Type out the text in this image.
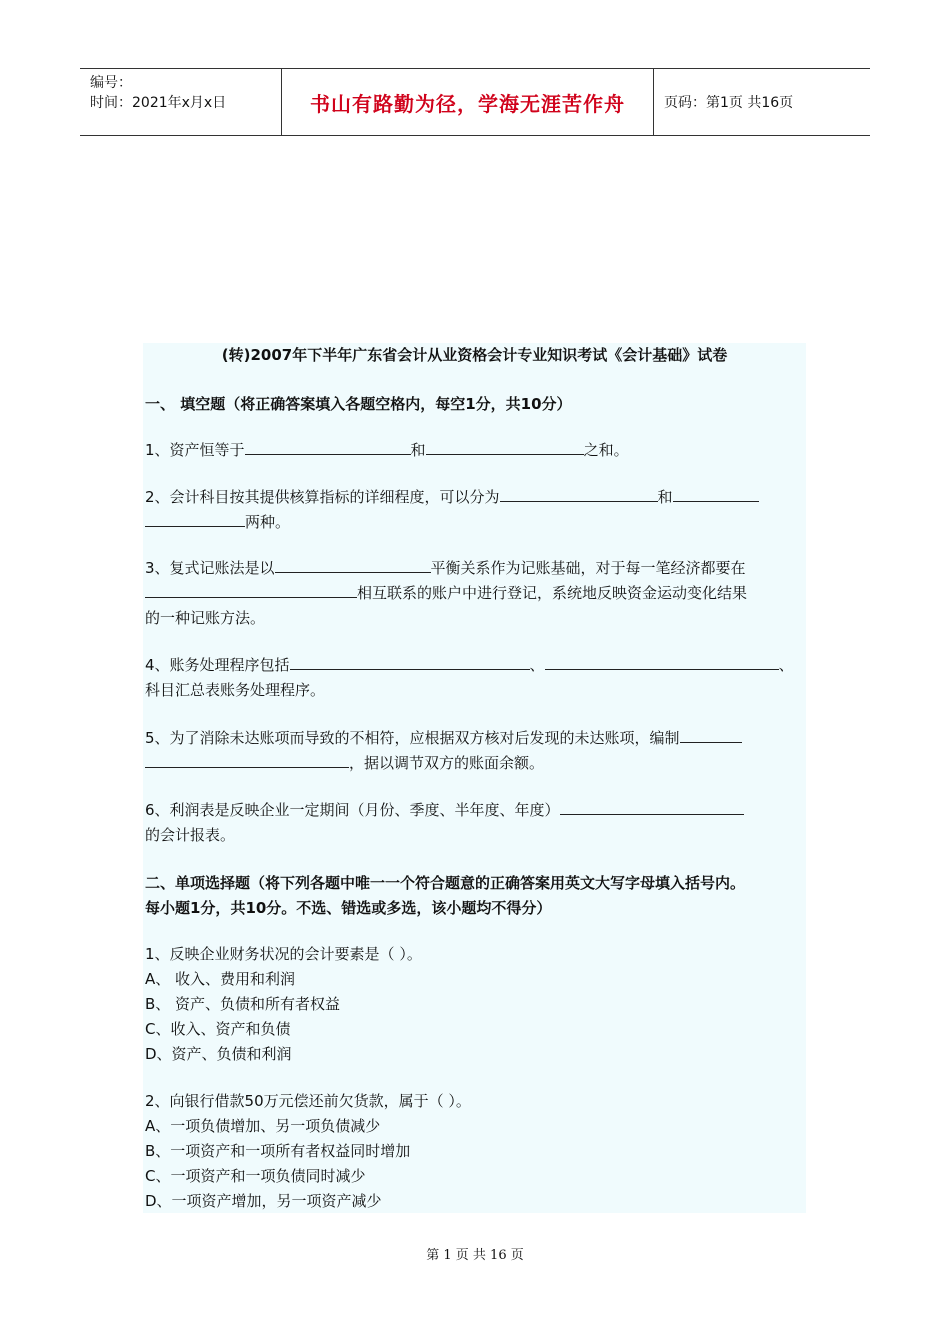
编号：
时间：2021年x月x日	书山有路勤为径，学海无涯苦作舟	页码：第1页 共16页
(转)2007年下半年广东省会计从业资格会计专业知识考试《会计基础》试卷
一、 填空题（将正确答案填入各题空格内，每空1分，共10分）
1、资产恒等于	和	之和。
2、会计科目按其提供核算指标的详细程度，可以分为	和
两种。
3、复式记账法是以	平衡关系作为记账基础，对于每一笔经济都要在
相互联系的账户中进行登记，系统地反映资金运动变化结果
的一种记账方法。
4、账务处理程序包括	、	、
科目汇总表账务处理程序。
5、为了消除未达账项而导致的不相符，应根据双方核对后发现的未达账项，编制
，据以调节双方的账面余额。
6、利润表是反映企业一定期间（月份、季度、半年度、年度）
的会计报表。
二、单项选择题（将下列各题中唯一一个符合题意的正确答案用英文大写字母填入括号内。
每小题1分，共10分。不选、错选或多选，该小题均不得分）
1、反映企业财务状况的会计要素是（ ）。
A、 收入、费用和利润
B、 资产、负债和所有者权益
C、收入、资产和负债
D、资产、负债和利润
2、向银行借款50万元偿还前欠货款，属于（ ）。
A、一项负债增加、另一项负债减少
B、一项资产和一项所有者权益同时增加
C、一项资产和一项负债同时减少
D、一项资产增加，另一项资产减少
第 1 页 共 16 页
